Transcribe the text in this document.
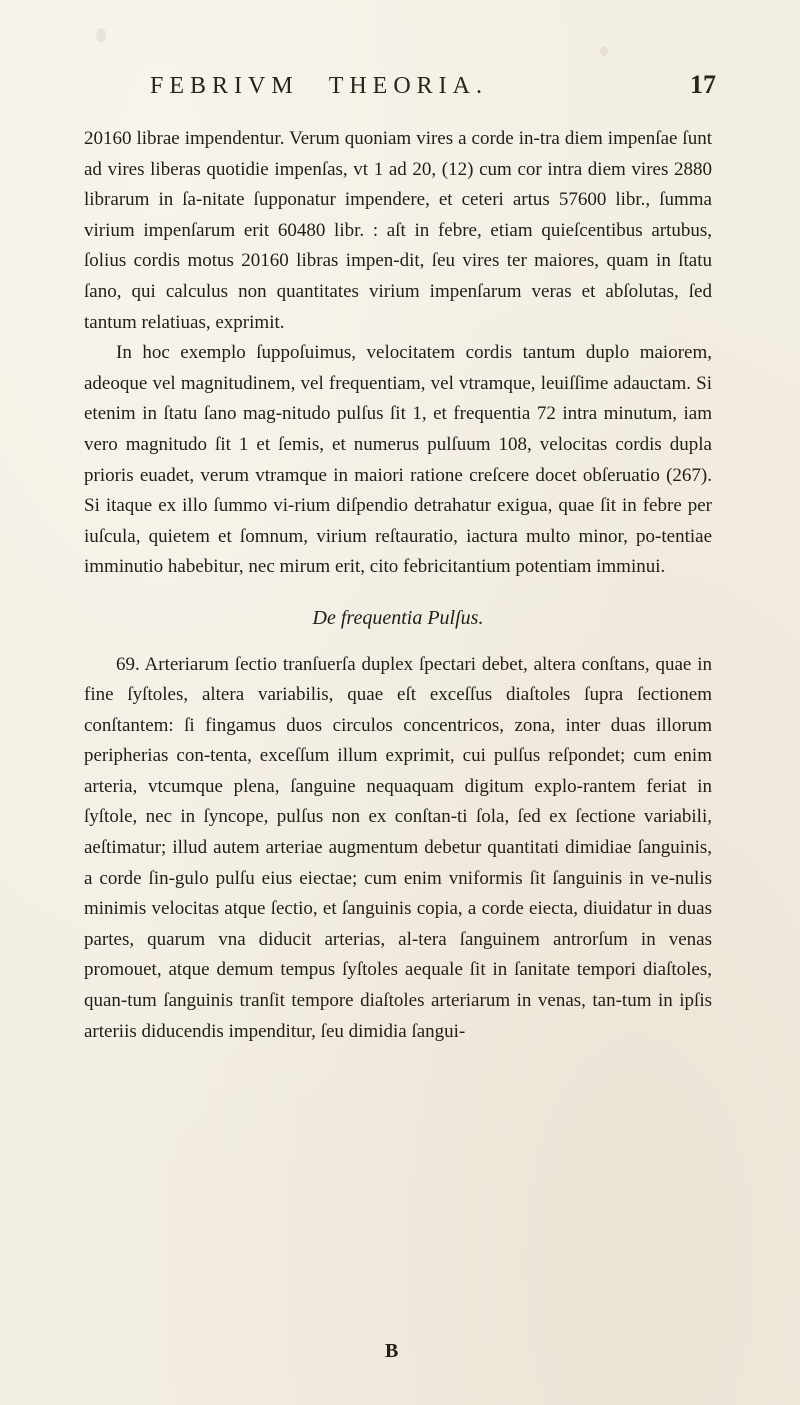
FEBRIVM THEORIA.	17

20160 librae impendentur. Verum quoniam vires a corde in-tra diem impenſae ſunt ad vires liberas quotidie impenſas, vt 1 ad 20, (12) cum cor intra diem vires 2880 librarum in ſa-nitate ſupponatur impendere, et ceteri artus 57600 libr., ſumma virium impenſarum erit 60480 libr. : aſt in febre, etiam quieſcentibus artubus, ſolius cordis motus 20160 libras impen-dit, ſeu vires ter maiores, quam in ſtatu ſano, qui calculus non quantitates virium impenſarum veras et abſolutas, ſed tantum relatiuas, exprimit.

In hoc exemplo ſuppoſuimus, velocitatem cordis tantum duplo maiorem, adeoque vel magnitudinem, vel frequentiam, vel vtramque, leuiſſime adauctam. Si etenim in ſtatu ſano mag-nitudo pulſus ſit 1, et frequentia 72 intra minutum, iam vero magnitudo ſit 1 et ſemis, et numerus pulſuum 108, velocitas cordis dupla prioris euadet, verum vtramque in maiori ratione creſcere docet obſeruatio (267). Si itaque ex illo ſummo vi-rium diſpendio detrahatur exigua, quae ſit in febre per iuſcula, quietem et ſomnum, virium reſtauratio, iactura multo minor, po-tentiae imminutio habebitur, nec mirum erit, cito febricitantium potentiam imminui.

De frequentia Pulſus.

69. Arteriarum ſectio tranſuerſa duplex ſpectari debet, altera conſtans, quae in fine ſyſtoles, altera variabilis, quae eſt exceſſus diaſtoles ſupra ſectionem conſtantem: ſi fingamus duos circulos concentricos, zona, inter duas illorum peripherias con-tenta, exceſſum illum exprimit, cui pulſus reſpondet; cum enim arteria, vtcumque plena, ſanguine nequaquam digitum explo-rantem feriat in ſyſtole, nec in ſyncope, pulſus non ex conſtan-ti ſola, ſed ex ſectione variabili, aeſtimatur; illud autem arteriae augmentum debetur quantitati dimidiae ſanguinis, a corde ſin-gulo pulſu eius eiectae; cum enim vniformis ſit ſanguinis in ve-nulis minimis velocitas atque ſectio, et ſanguinis copia, a corde eiecta, diuidatur in duas partes, quarum vna diducit arterias, al-tera ſanguinem antrorſum in venas promouet, atque demum tempus ſyſtoles aequale ſit in ſanitate tempori diaſtoles, quan-tum ſanguinis tranſit tempore diaſtoles arteriarum in venas, tan-tum in ipſis arteriis diducendis impenditur, ſeu dimidia ſangui-

B
